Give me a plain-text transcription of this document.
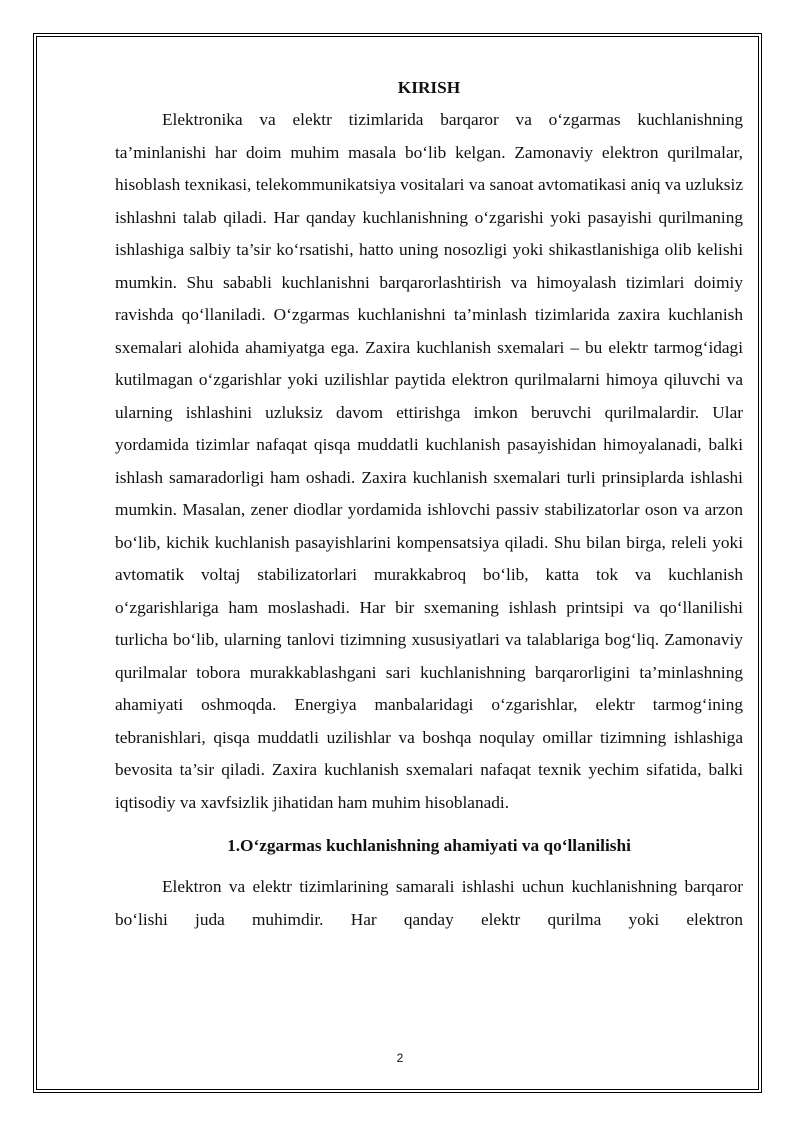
KIRISH

Elektronika va elektr tizimlarida barqaror va o‘zgarmas kuchlanishning ta’minlanishi har doim muhim masala bo‘lib kelgan. Zamonaviy elektron qurilmalar, hisoblash texnikasi, telekommunikatsiya vositalari va sanoat avtomatikasi aniq va uzluksiz ishlashni talab qiladi. Har qanday kuchlanishning o‘zgarishi yoki pasayishi qurilmaning ishlashiga salbiy ta’sir ko‘rsatishi, hatto uning nosozligi yoki shikastlanishiga olib kelishi mumkin. Shu sababli kuchlanishni barqarorlashtirish va himoyalash tizimlari doimiy ravishda qo‘llaniladi. O‘zgarmas kuchlanishni ta’minlash tizimlarida zaxira kuchlanish sxemalari alohida ahamiyatga ega. Zaxira kuchlanish sxemalari – bu elektr tarmog‘idagi kutilmagan o‘zgarishlar yoki uzilishlar paytida elektron qurilmalarni himoya qiluvchi va ularning ishlashini uzluksiz davom ettirishga imkon beruvchi qurilmalardir. Ular yordamida tizimlar nafaqat qisqa muddatli kuchlanish pasayishidan himoyalanadi, balki ishlash samaradorligi ham oshadi. Zaxira kuchlanish sxemalari turli prinsiplarda ishlashi mumkin. Masalan, zener diodlar yordamida ishlovchi passiv stabilizatorlar oson va arzon bo‘lib, kichik kuchlanish pasayishlarini kompensatsiya qiladi. Shu bilan birga, releli yoki avtomatik voltaj stabilizatorlari murakkabroq bo‘lib, katta tok va kuchlanish o‘zgarishlariga ham moslashadi. Har bir sxemaning ishlash printsipi va qo‘llanilishi turlicha bo‘lib, ularning tanlovi tizimning xususiyatlari va talablariga bog‘liq. Zamonaviy qurilmalar tobora murakkablashgani sari kuchlanishning barqarorligini ta’minlashning ahamiyati oshmoqda. Energiya manbalaridagi o‘zgarishlar, elektr tarmog‘ining tebranishlari, qisqa muddatli uzilishlar va boshqa noqulay omillar tizimning ishlashiga bevosita ta’sir qiladi. Zaxira kuchlanish sxemalari nafaqat texnik yechim sifatida, balki iqtisodiy va xavfsizlik jihatidan ham muhim hisoblanadi.

1.O‘zgarmas kuchlanishning ahamiyati va qo‘llanilishi

Elektron va elektr tizimlarining samarali ishlashi uchun kuchlanishning barqaror bo‘lishi juda muhimdir. Har qanday elektr qurilma yoki elektron

2
